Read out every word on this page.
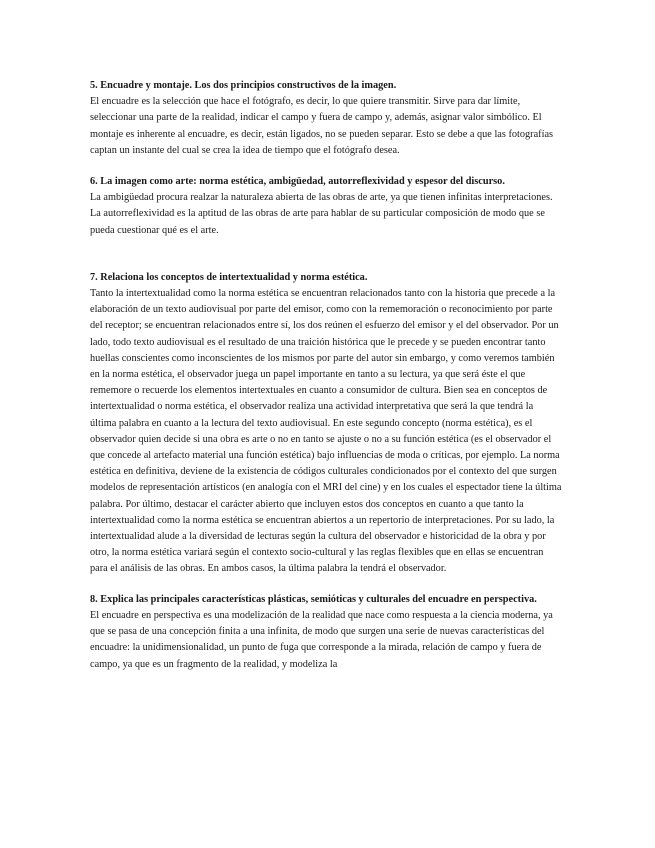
5. Encuadre y montaje. Los dos principios constructivos de la imagen.

El encuadre es la selección que hace el fotógrafo, es decir, lo que quiere transmitir. Sirve para dar límite, seleccionar una parte de la realidad, indicar el campo y fuera de campo y, además, asignar valor simbólico. El montaje es inherente al encuadre, es decir, están ligados, no se pueden separar. Esto se debe a que las fotografías captan un instante del cual se crea la idea de tiempo que el fotógrafo desea.

6. La imagen como arte: norma estética, ambigüedad, autorreflexividad y espesor del discurso.

La ambigüedad procura realzar la naturaleza abierta de las obras de arte, ya que tienen infinitas interpretaciones. La autorreflexividad es la aptitud de las obras de arte para hablar de su particular composición de modo que se pueda cuestionar qué es el arte.

7. Relaciona los conceptos de intertextualidad y norma estética.

Tanto la intertextualidad como la norma estética se encuentran relacionados tanto con la historia que precede a la elaboración de un texto audiovisual por parte del emisor, como con la rememoración o reconocimiento por parte del receptor; se encuentran relacionados entre sí, los dos reúnen el esfuerzo del emisor y el del observador. Por un lado, todo texto audiovisual es el resultado de una traición histórica que le precede y se pueden encontrar tanto huellas conscientes como inconscientes de los mismos por parte del autor sin embargo, y como veremos también en la norma estética, el observador juega un papel importante en tanto a su lectura, ya que será éste el que rememore o recuerde los elementos intertextuales en cuanto a consumidor de cultura. Bien sea en conceptos de intertextualidad o norma estética, el observador realiza una actividad interpretativa que será la que tendrá la última palabra en cuanto a la lectura del texto audiovisual. En este segundo concepto (norma estética), es el observador quien decide si una obra es arte o no en tanto se ajuste o no a su función estética (es el observador el que concede al artefacto material una función estética) bajo influencias de moda o críticas, por ejemplo. La norma estética en definitiva, deviene de la existencia de códigos culturales condicionados por el contexto del que surgen modelos de representación artísticos (en analogía con el MRI del cine) y en los cuales el espectador tiene la última palabra. Por último, destacar el carácter abierto que incluyen estos dos conceptos en cuanto a que tanto la intertextualidad como la norma estética se encuentran abiertos a un repertorio de interpretaciones. Por su lado, la intertextualidad alude a la diversidad de lecturas según la cultura del observador e historicidad de la obra y por otro, la norma estética variará según el contexto socio-cultural y las reglas flexibles que en ellas se encuentran para el análisis de las obras. En ambos casos, la última palabra la tendrá el observador.

8. Explica las principales características plásticas, semióticas y culturales del encuadre en perspectiva.

El encuadre en perspectiva es una modelización de la realidad que nace como respuesta a la ciencia moderna, ya que se pasa de una concepción finita a una infinita, de modo que surgen una serie de nuevas características del encuadre: la unidimensionalidad, un punto de fuga que corresponde a la mirada, relación de campo y fuera de campo, ya que es un fragmento de la realidad, y modeliza la
